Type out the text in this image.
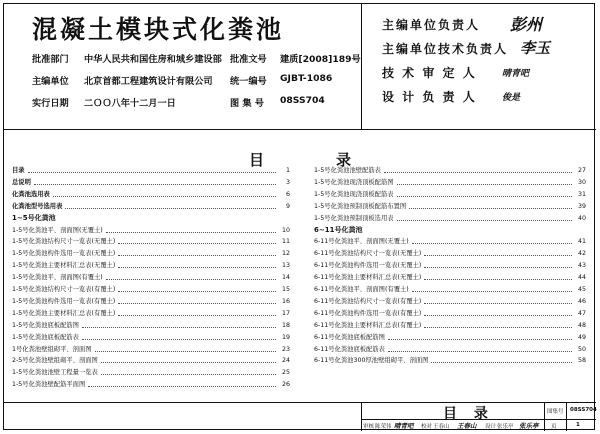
混凝土模块式化粪池
批准部门 中华人民共和国住房和城乡建设部 批准文号 建质[2008]189号
主编单位 北京首都工程建筑设计有限公司 统一编号 GJBT-1086
实行日期 二ＯＯ八年十二月一日	图 集 号 08SS704
主编单位负责人
主编单位技术负责人
技 术 审 定 人
设 计 负 责 人
彭州
李玉
晴青吧
俊是
目	录
目录	1
总说明	3
化粪池选用表	6
化粪池型号选用表	9
1~5号化粪池
1-5号化粪池平、剖面图(无覆土)	10
1-5号化粪池结构尺寸一览表(无覆土)	11
1-5号化粪池构件选用一览表(无覆土)	12
1-5号化粪池主要材料汇总表(无覆土)	13
1-5号化粪池平、剖面图(有覆土)	14
1-5号化粪池结构尺寸一览表(有覆土)	15
1-5号化粪池构件选用一览表(有覆土)	16
1-5号化粪池主要材料汇总表(有覆土)	17
1-5号化粪池底板配筋图	18
1-5号化粪池底板配筋表	19
1号化粪池壁组砌平、剖面图	23
2-5号化粪池壁组砌平、剖面图	24
1-5号化粪池池壁工程量一览表	25
1-5号化粪池壁配筋平面图	26
1-5号化粪池池壁配筋表	27
1-5号化粪池现浇顶板配筋图	30
1-5号化粪池现浇顶板配筋表	31
1-5号化粪池预制顶板配筋布置图	39
1-5号化粪池预制顶板选用表	40
6~11号化粪池
6-11号化粪池平、剖面图(无覆土)	41
6-11号化粪池结构尺寸一览表(无覆土)	42
6-11号化粪池构件选用一览表(无覆土)	43
6-11号化粪池主要材料汇总表(无覆土)	44
6-11号化粪池平、剖面图(有覆土)	45
6-11号化粪池结构尺寸一览表(有覆土)	46
6-11号化粪池构件选用一览表(有覆土)	47
6-11号化粪池主要材料汇总表(有覆土)	48
6-11号化粪池底板配筋图	49
6-11号化粪池底板配筋表	50
6-11号化粪池300厚池壁组砌平、剖面图	58
目 录	图集号 08SS704
审核 陈荣伟 晴青吧 校对 王春山 王春山 设计 张乐亭 张乐亭 页	1
